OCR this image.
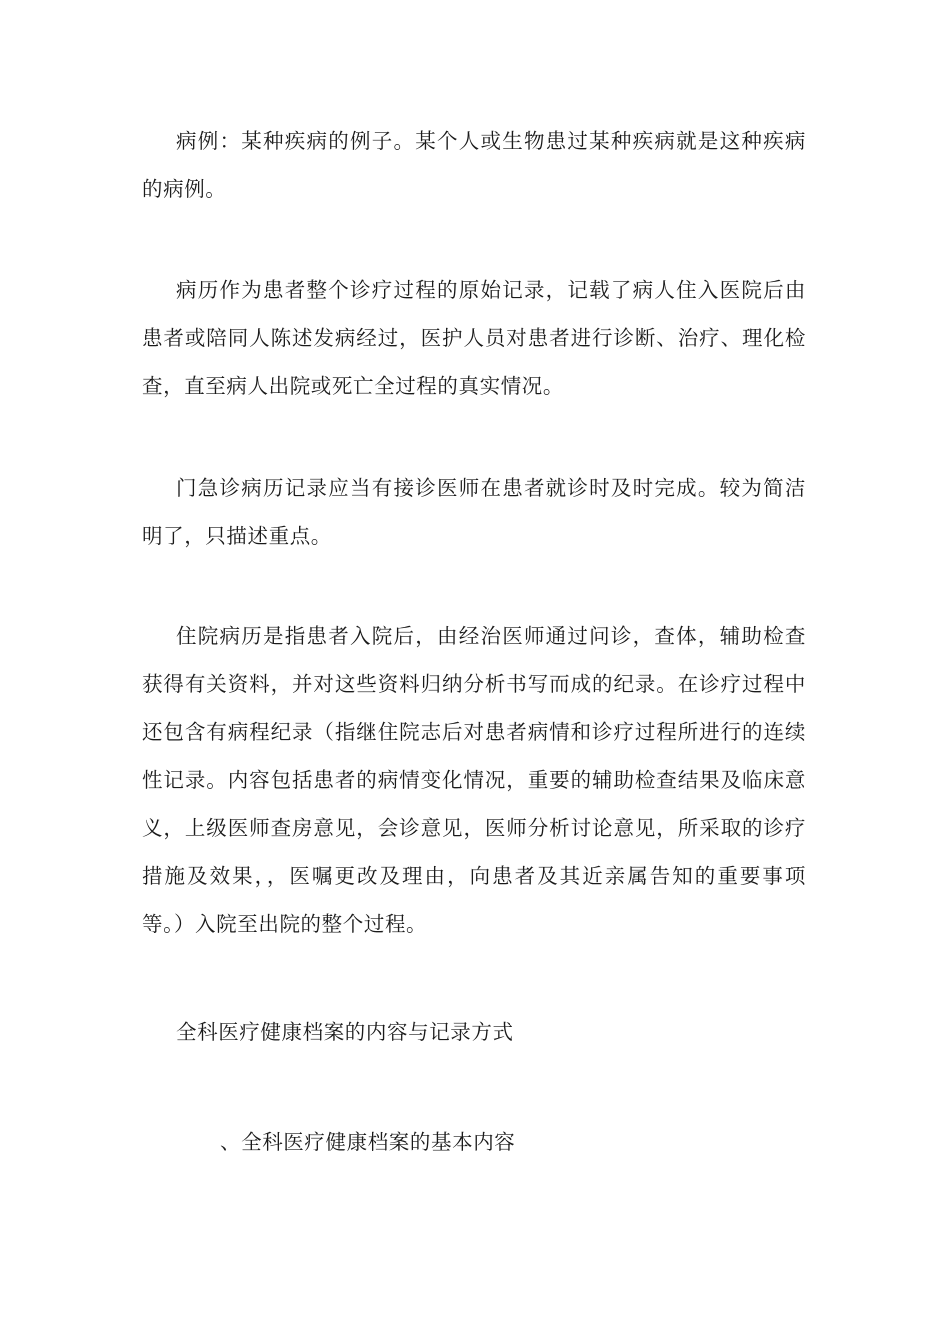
病例：某种疾病的例子。某个人或生物患过某种疾病就是这种疾病的病例。

病历作为患者整个诊疗过程的原始记录，记载了病人住入医院后由患者或陪同人陈述发病经过，医护人员对患者进行诊断、治疗、理化检查，直至病人出院或死亡全过程的真实情况。

门急诊病历记录应当有接诊医师在患者就诊时及时完成。较为简洁明了，只描述重点。

住院病历是指患者入院后，由经治医师通过问诊，查体，辅助检查获得有关资料，并对这些资料归纳分析书写而成的纪录。在诊疗过程中还包含有病程纪录（指继住院志后对患者病情和诊疗过程所进行的连续性记录。内容包括患者的病情变化情况，重要的辅助检查结果及临床意义，上级医师查房意见，会诊意见，医师分析讨论意见，所采取的诊疗措施及效果，，医嘱更改及理由，向患者及其近亲属告知的重要事项等。）入院至出院的整个过程。

全科医疗健康档案的内容与记录方式

、全科医疗健康档案的基本内容
